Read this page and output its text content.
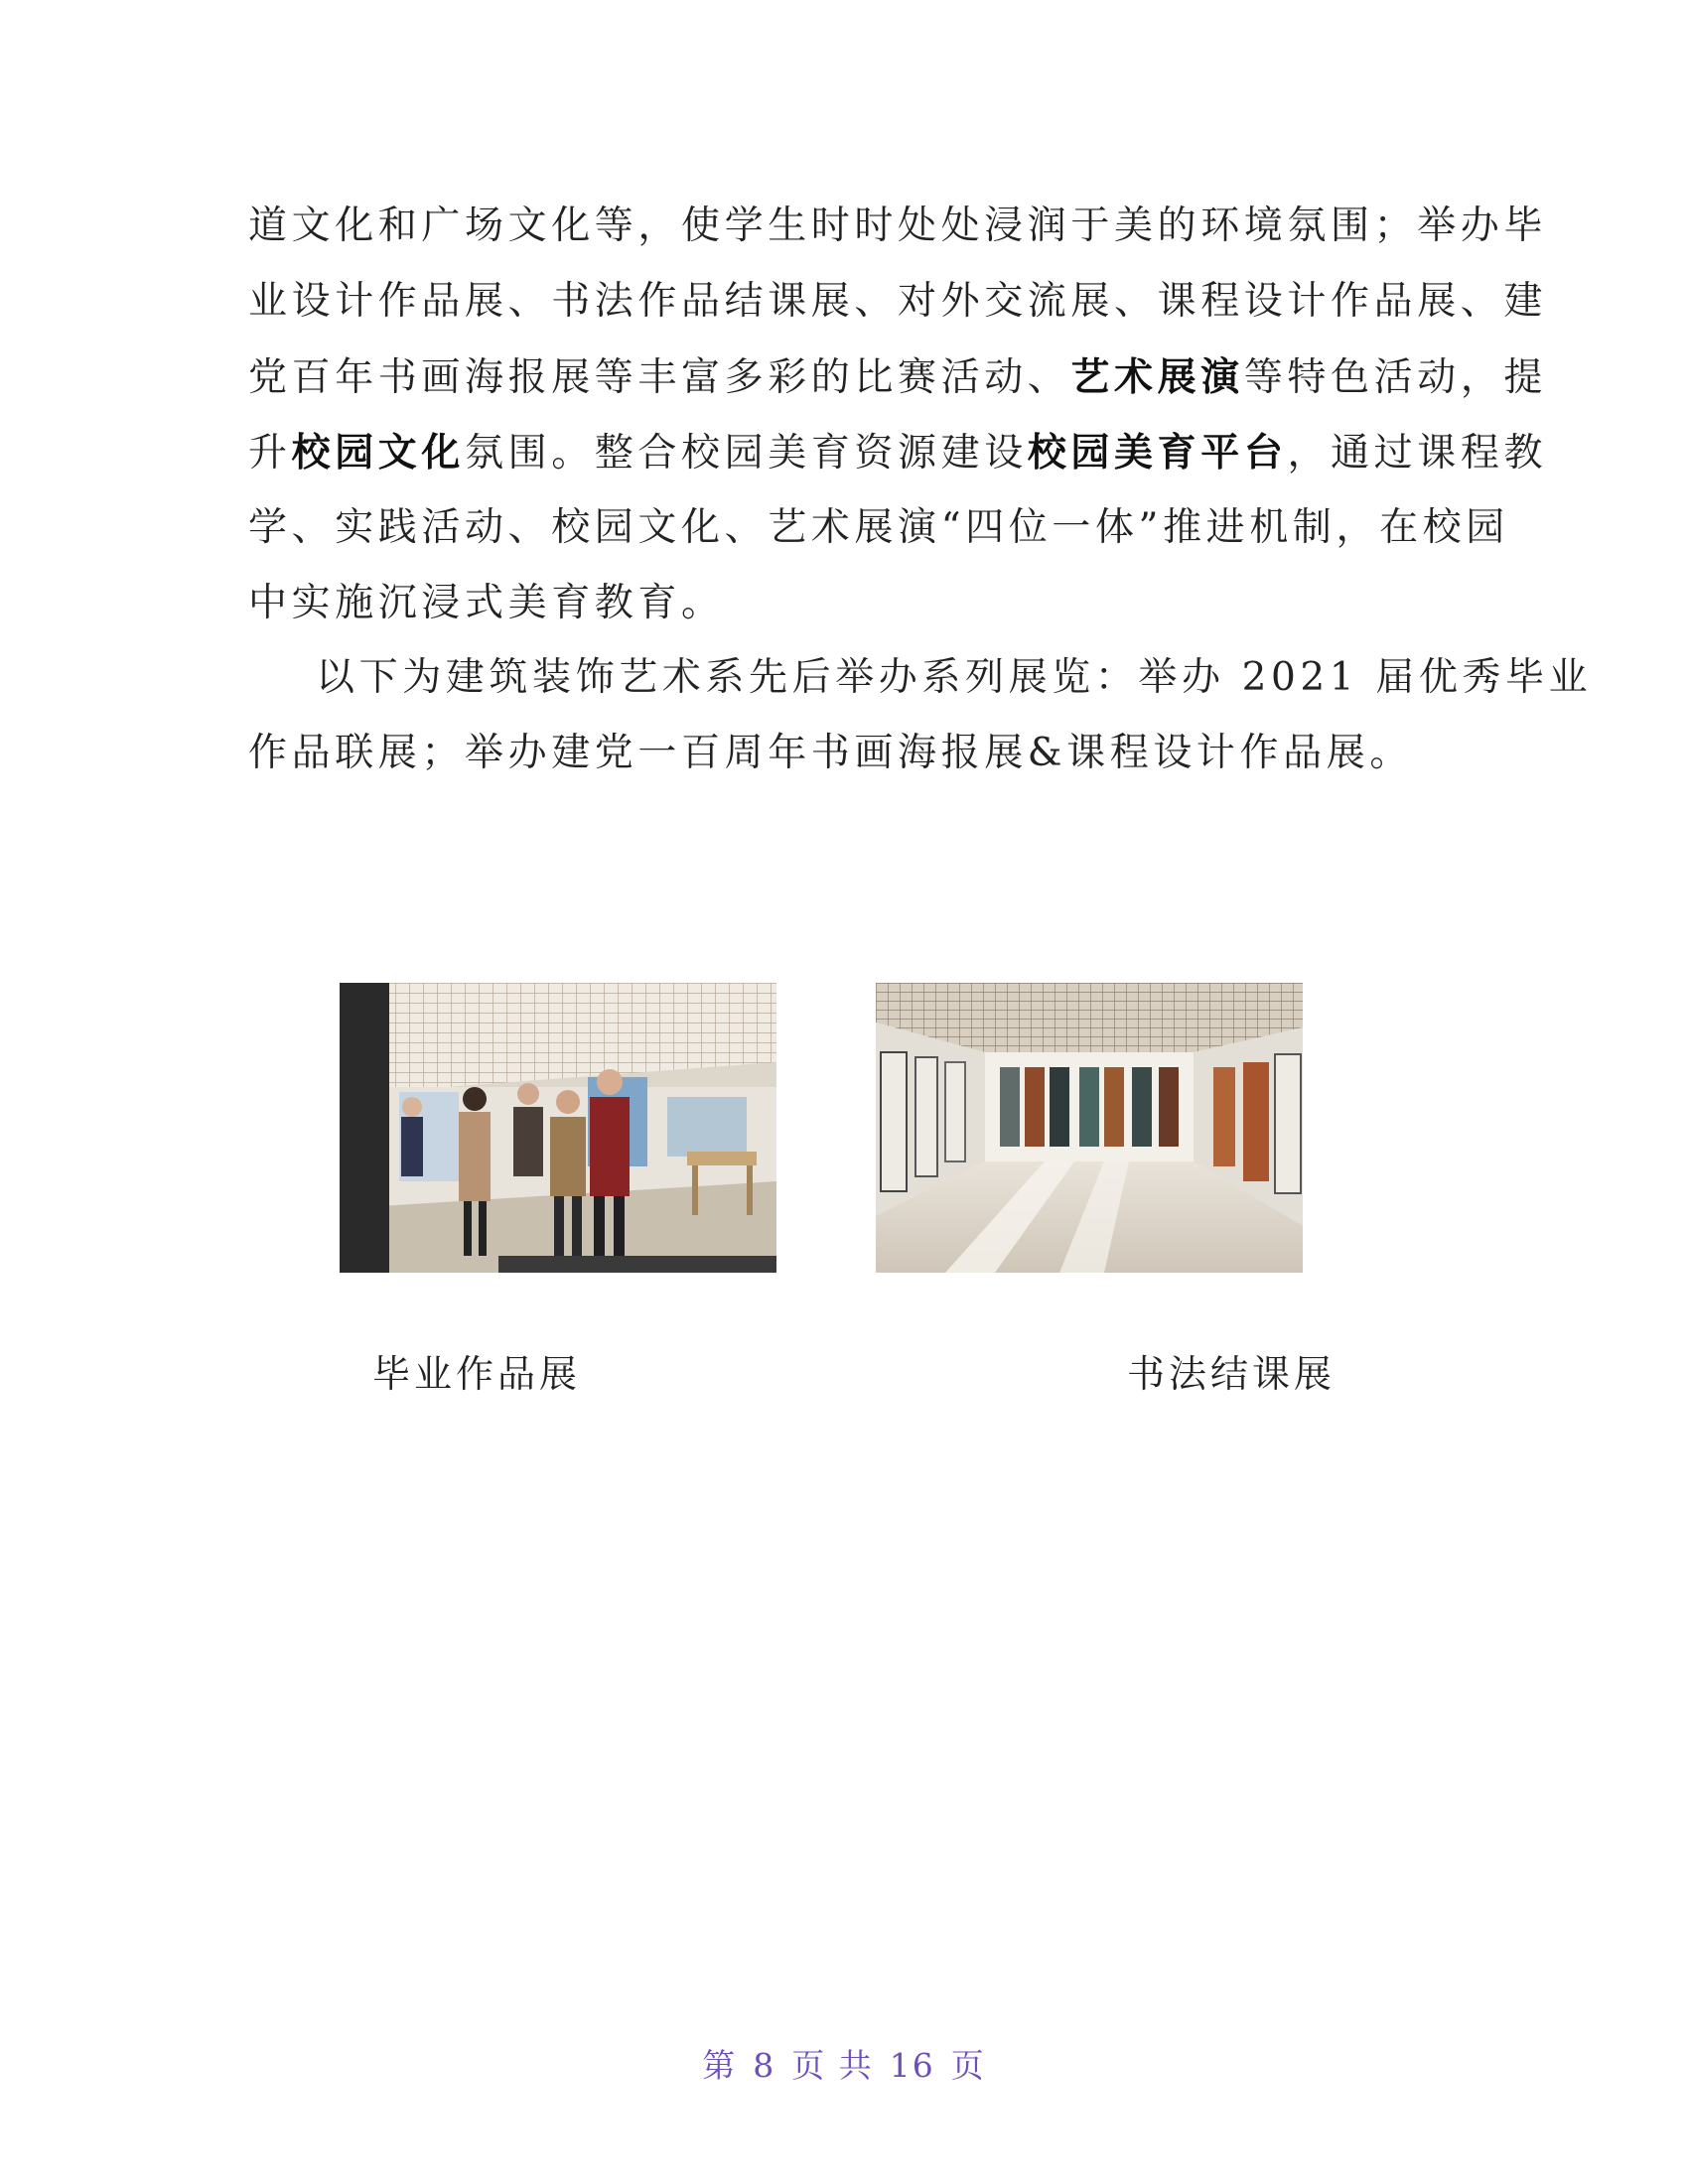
道文化和广场文化等，使学生时时处处浸润于美的环境氛围；举办毕
业设计作品展、书法作品结课展、对外交流展、课程设计作品展、建
党百年书画海报展等丰富多彩的比赛活动、艺术展演等特色活动，提
升校园文化氛围。整合校园美育资源建设校园美育平台，通过课程教
学、实践活动、校园文化、艺术展演“四位一体”推进机制，在校园
中实施沉浸式美育教育。
以下为建筑装饰艺术系先后举办系列展览：举办 2021 届优秀毕业
作品联展；举办建党一百周年书画海报展&课程设计作品展。
毕业作品展	书法结课展
第 8 页 共 16 页
